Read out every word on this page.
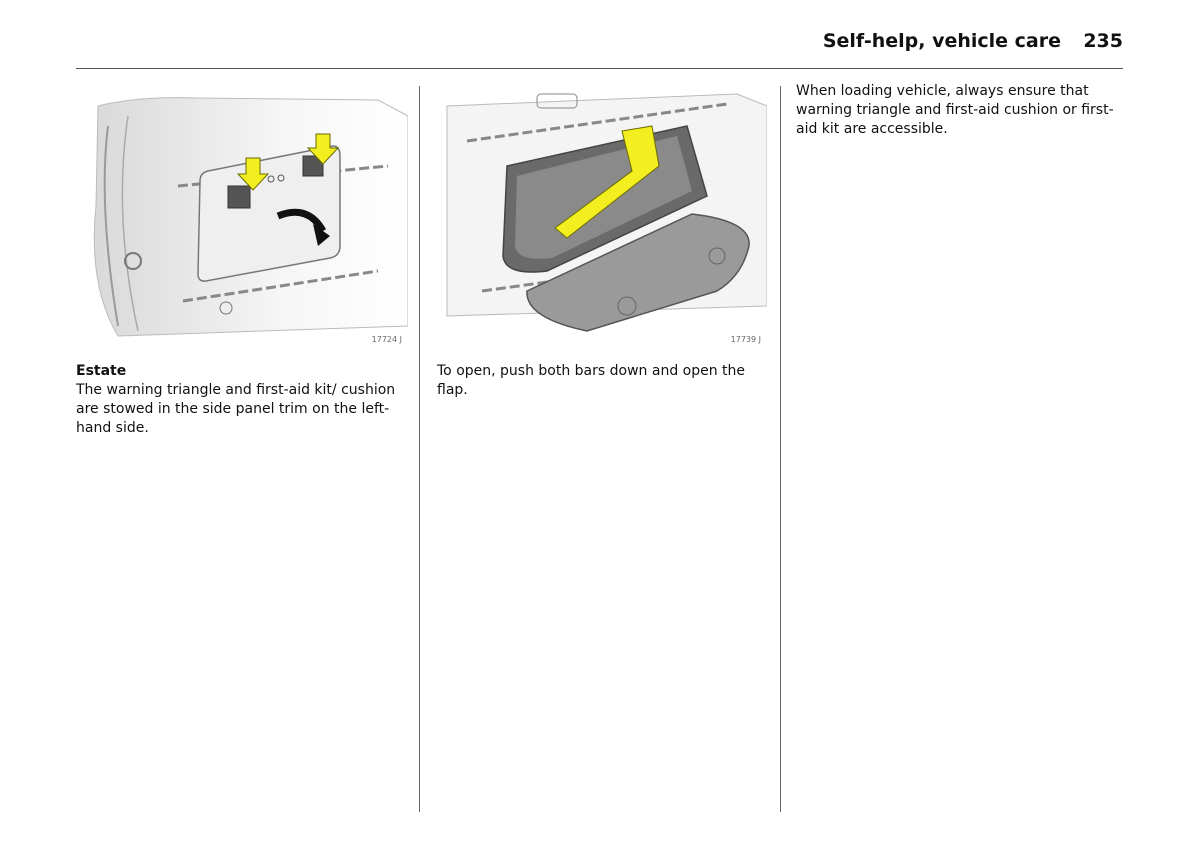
Self-help, vehicle care 235
17724 J	17739 J

Estate

The warning triangle and first-aid kit/ cushion are stowed in the side panel trim on the left-hand side.

To open, push both bars down and open the flap.

When loading vehicle, always ensure that warning triangle and first-aid cushion or first-aid kit are accessible.
